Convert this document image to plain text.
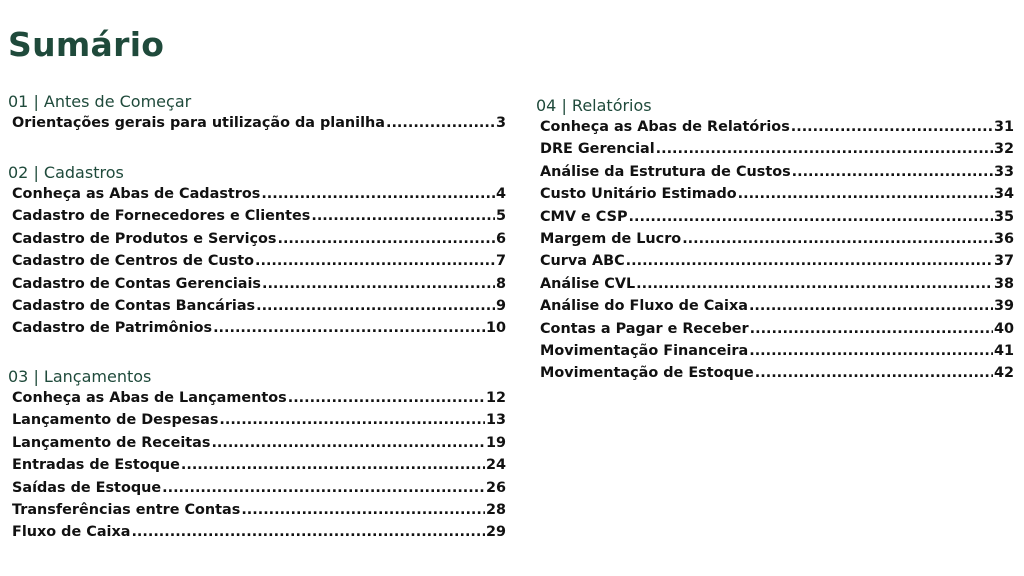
Sumário
01 | Antes de Começar
Orientações gerais para utilização da planilha .....	3
02 | Cadastros
Conheça as Abas de Cadastros .....	4
Cadastro de Fornecedores e Clientes .....	5
Cadastro de Produtos e Serviços .....	6
Cadastro de Centros de Custo .....	7
Cadastro de Contas Gerenciais .....	8
Cadastro de Contas Bancárias .....	9
Cadastro de Patrimônios .....	10
03 | Lançamentos
Conheça as Abas de Lançamentos .....	12
Lançamento de Despesas .....	13
Lançamento de Receitas .....	19
Entradas de Estoque .....	24
Saídas de Estoque .....	26
Transferências entre Contas .....	28
Fluxo de Caixa .....	29
04 | Relatórios
Conheça as Abas de Relatórios .....	31
DRE Gerencial .....	32
Análise da Estrutura de Custos .....	33
Custo Unitário Estimado .....	34
CMV e CSP .....	35
Margem de Lucro .....	36
Curva ABC .....	37
Análise CVL .....	38
Análise do Fluxo de Caixa .....	39
Contas a Pagar e Receber .....	40
Movimentação Financeira .....	41
Movimentação de Estoque .....	42
